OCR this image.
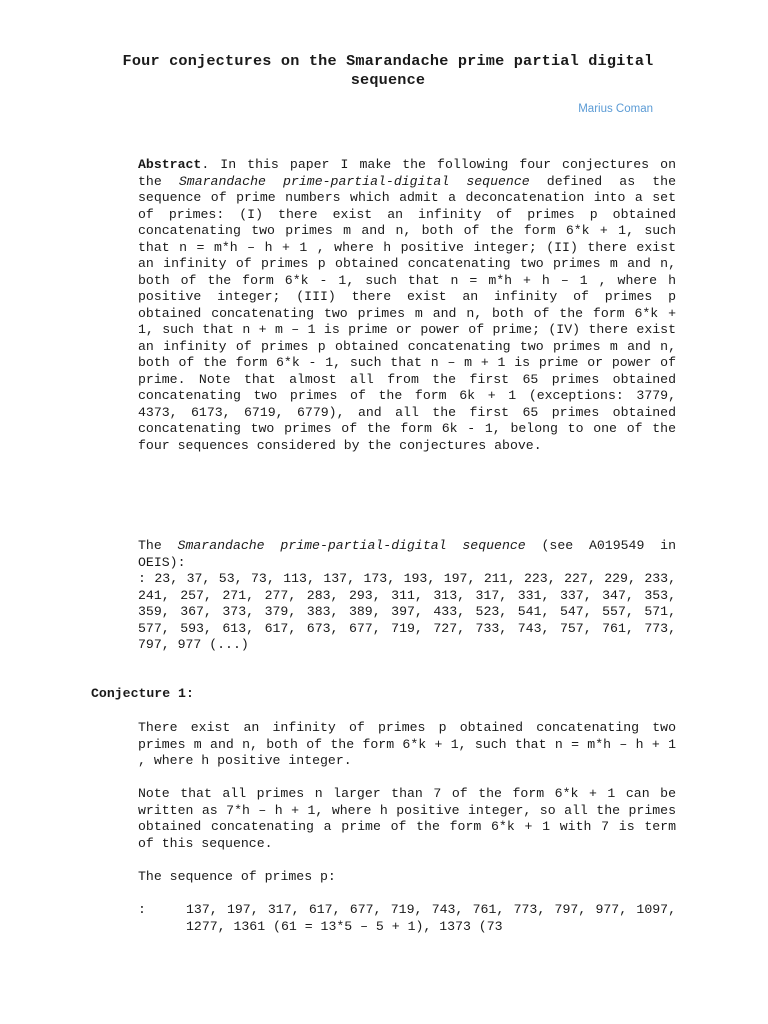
Four conjectures on the Smarandache prime partial digital sequence
Marius Coman
Abstract. In this paper I make the following four conjectures on the Smarandache prime-partial-digital sequence defined as the sequence of prime numbers which admit a deconcatenation into a set of primes: (I) there exist an infinity of primes p obtained concatenating two primes m and n, both of the form 6*k + 1, such that n = m*h – h + 1 , where h positive integer; (II) there exist an infinity of primes p obtained concatenating two primes m and n, both of the form 6*k - 1, such that n = m*h + h – 1 , where h positive integer; (III) there exist an infinity of primes p obtained concatenating two primes m and n, both of the form 6*k + 1, such that n + m – 1 is prime or power of prime; (IV) there exist an infinity of primes p obtained concatenating two primes m and n, both of the form 6*k - 1, such that n – m + 1 is prime or power of prime. Note that almost all from the first 65 primes obtained concatenating two primes of the form 6k + 1 (exceptions: 3779, 4373, 6173, 6719, 6779), and all the first 65 primes obtained concatenating two primes of the form 6k - 1, belong to one of the four sequences considered by the conjectures above.
The Smarandache prime-partial-digital sequence (see A019549 in OEIS):
: 23, 37, 53, 73, 113, 137, 173, 193, 197, 211, 223, 227, 229, 233, 241, 257, 271, 277, 283, 293, 311, 313, 317, 331, 337, 347, 353, 359, 367, 373, 379, 383, 389, 397, 433, 523, 541, 547, 557, 571, 577, 593, 613, 617, 673, 677, 719, 727, 733, 743, 757, 761, 773, 797, 977 (...)
Conjecture 1:
There exist an infinity of primes p obtained concatenating two primes m and n, both of the form 6*k + 1, such that n = m*h – h + 1 , where h positive integer.
Note that all primes n larger than 7 of the form 6*k + 1 can be written as 7*h – h + 1, where h positive integer, so all the primes obtained concatenating a prime of the form 6*k + 1 with 7 is term of this sequence.
The sequence of primes p:
:	137, 197, 317, 617, 677, 719, 743, 761, 773, 797, 977, 1097, 1277, 1361 (61 = 13*5 – 5 + 1), 1373 (73
